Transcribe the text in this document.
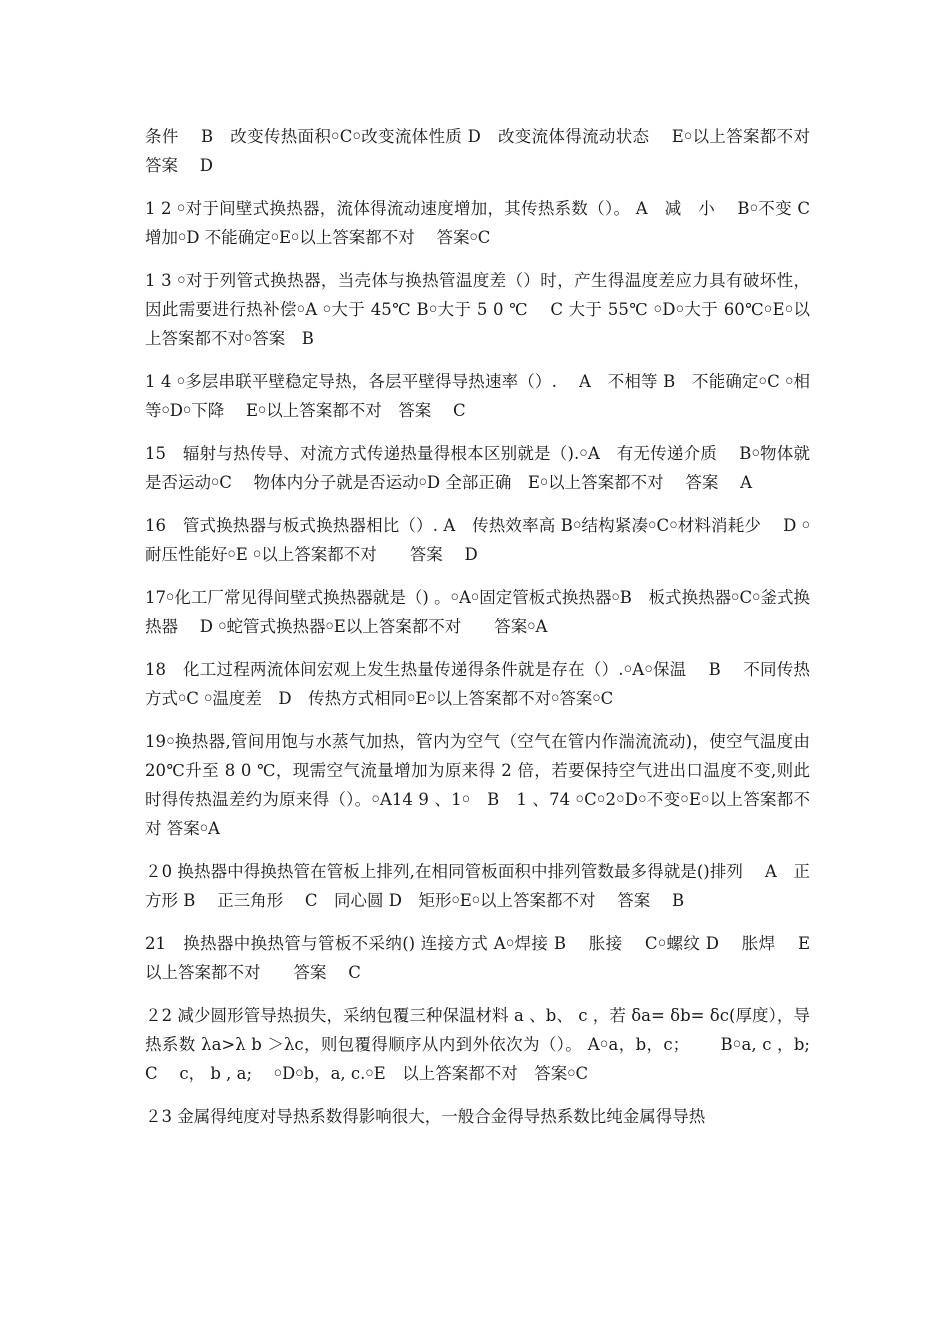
条件　 B　改变传热面积￮C￮改变流体性质 D　改变流体得流动状态　 E￮以上答案都不对 答案　 D

1 2 ￮对于间壁式换热器，流体得流动速度增加，其传热系数（）。 A　减　小　 B￮不变 C　 增加￮D 不能确定￮E￮以上答案都不对　 答案￮C

1 3 ￮对于列管式换热器，当壳体与换热管温度差（）时，产生得温度差应力具有破坏性，因此需要进行热补偿￮A ￮大于 45℃ B￮大于 5 0 ℃　 C 大于 55℃ ￮D￮大于 60℃￮E￮以上答案都不对￮答案　B

1 4 ￮多层串联平壁稳定导热，各层平壁得导热速率（）.　 A　不相等 B　不能确定￮C ￮相等￮D￮下降　 E￮以上答案都不对　答案　 C

15　辐射与热传导、对流方式传递热量得根本区别就是（).￮A　有无传递介质　 B￮物体就是否运动￮C　 物体内分子就是否运动￮D 全部正确　E￮以上答案都不对　 答案　 A

16　管式换热器与板式换热器相比（）. A　传热效率高 B￮结构紧凑￮C￮材料消耗少　 D ￮耐压性能好￮E ￮以上答案都不对　　答案　 D

17￮化工厂常见得间壁式换热器就是（) 。￮A￮固定管板式换热器￮B　板式换热器￮C￮釜式换热器　 D ￮蛇管式换热器￮E以上答案都不对　　答案￮A

18　化工过程两流体间宏观上发生热量传递得条件就是存在（）.￮A￮保温　 B　 不同传热方式￮C ￮温度差　D　传热方式相同￮E￮以上答案都不对￮答案￮C

19￮换热器,管间用饱与水蒸气加热，管内为空气（空气在管内作湍流流动)，使空气温度由 20℃升至 8 0 ℃，现需空气流量增加为原来得 2 倍，若要保持空气进出口温度不变,则此时得传热温差约为原来得（）。￮A14 9 、1￮　B　1 、74 ￮C￮2￮D￮不变￮E￮以上答案都不对 答案￮A

２0 换热器中得换热管在管板上排列,在相同管板面积中排列管数最多得就是()排列　 A　正方形 B　 正三角形　 C　同心圆 D　矩形￮E￮以上答案都不对　 答案　 B

21　换热器中换热管与管板不采纳() 连接方式 A￮焊接 B　 胀接　 C￮螺纹 D　 胀焊　 E　以上答案都不对　　答案　 C

２2 减少圆形管导热损失，采纳包覆三种保温材料 a 、b、 c ，若 δa= δb= δc(厚度），导热系数 λa>λ b ＞λc，则包覆得顺序从内到外依次为（）。 A￮a，b，c；　　 B￮a, c ，b;　 C　 c， b , a;　 ￮D￮b，a, c.￮E　以上答案都不对　答案￮C

２3 金属得纯度对导热系数得影响很大，一般合金得导热系数比纯金属得导热
